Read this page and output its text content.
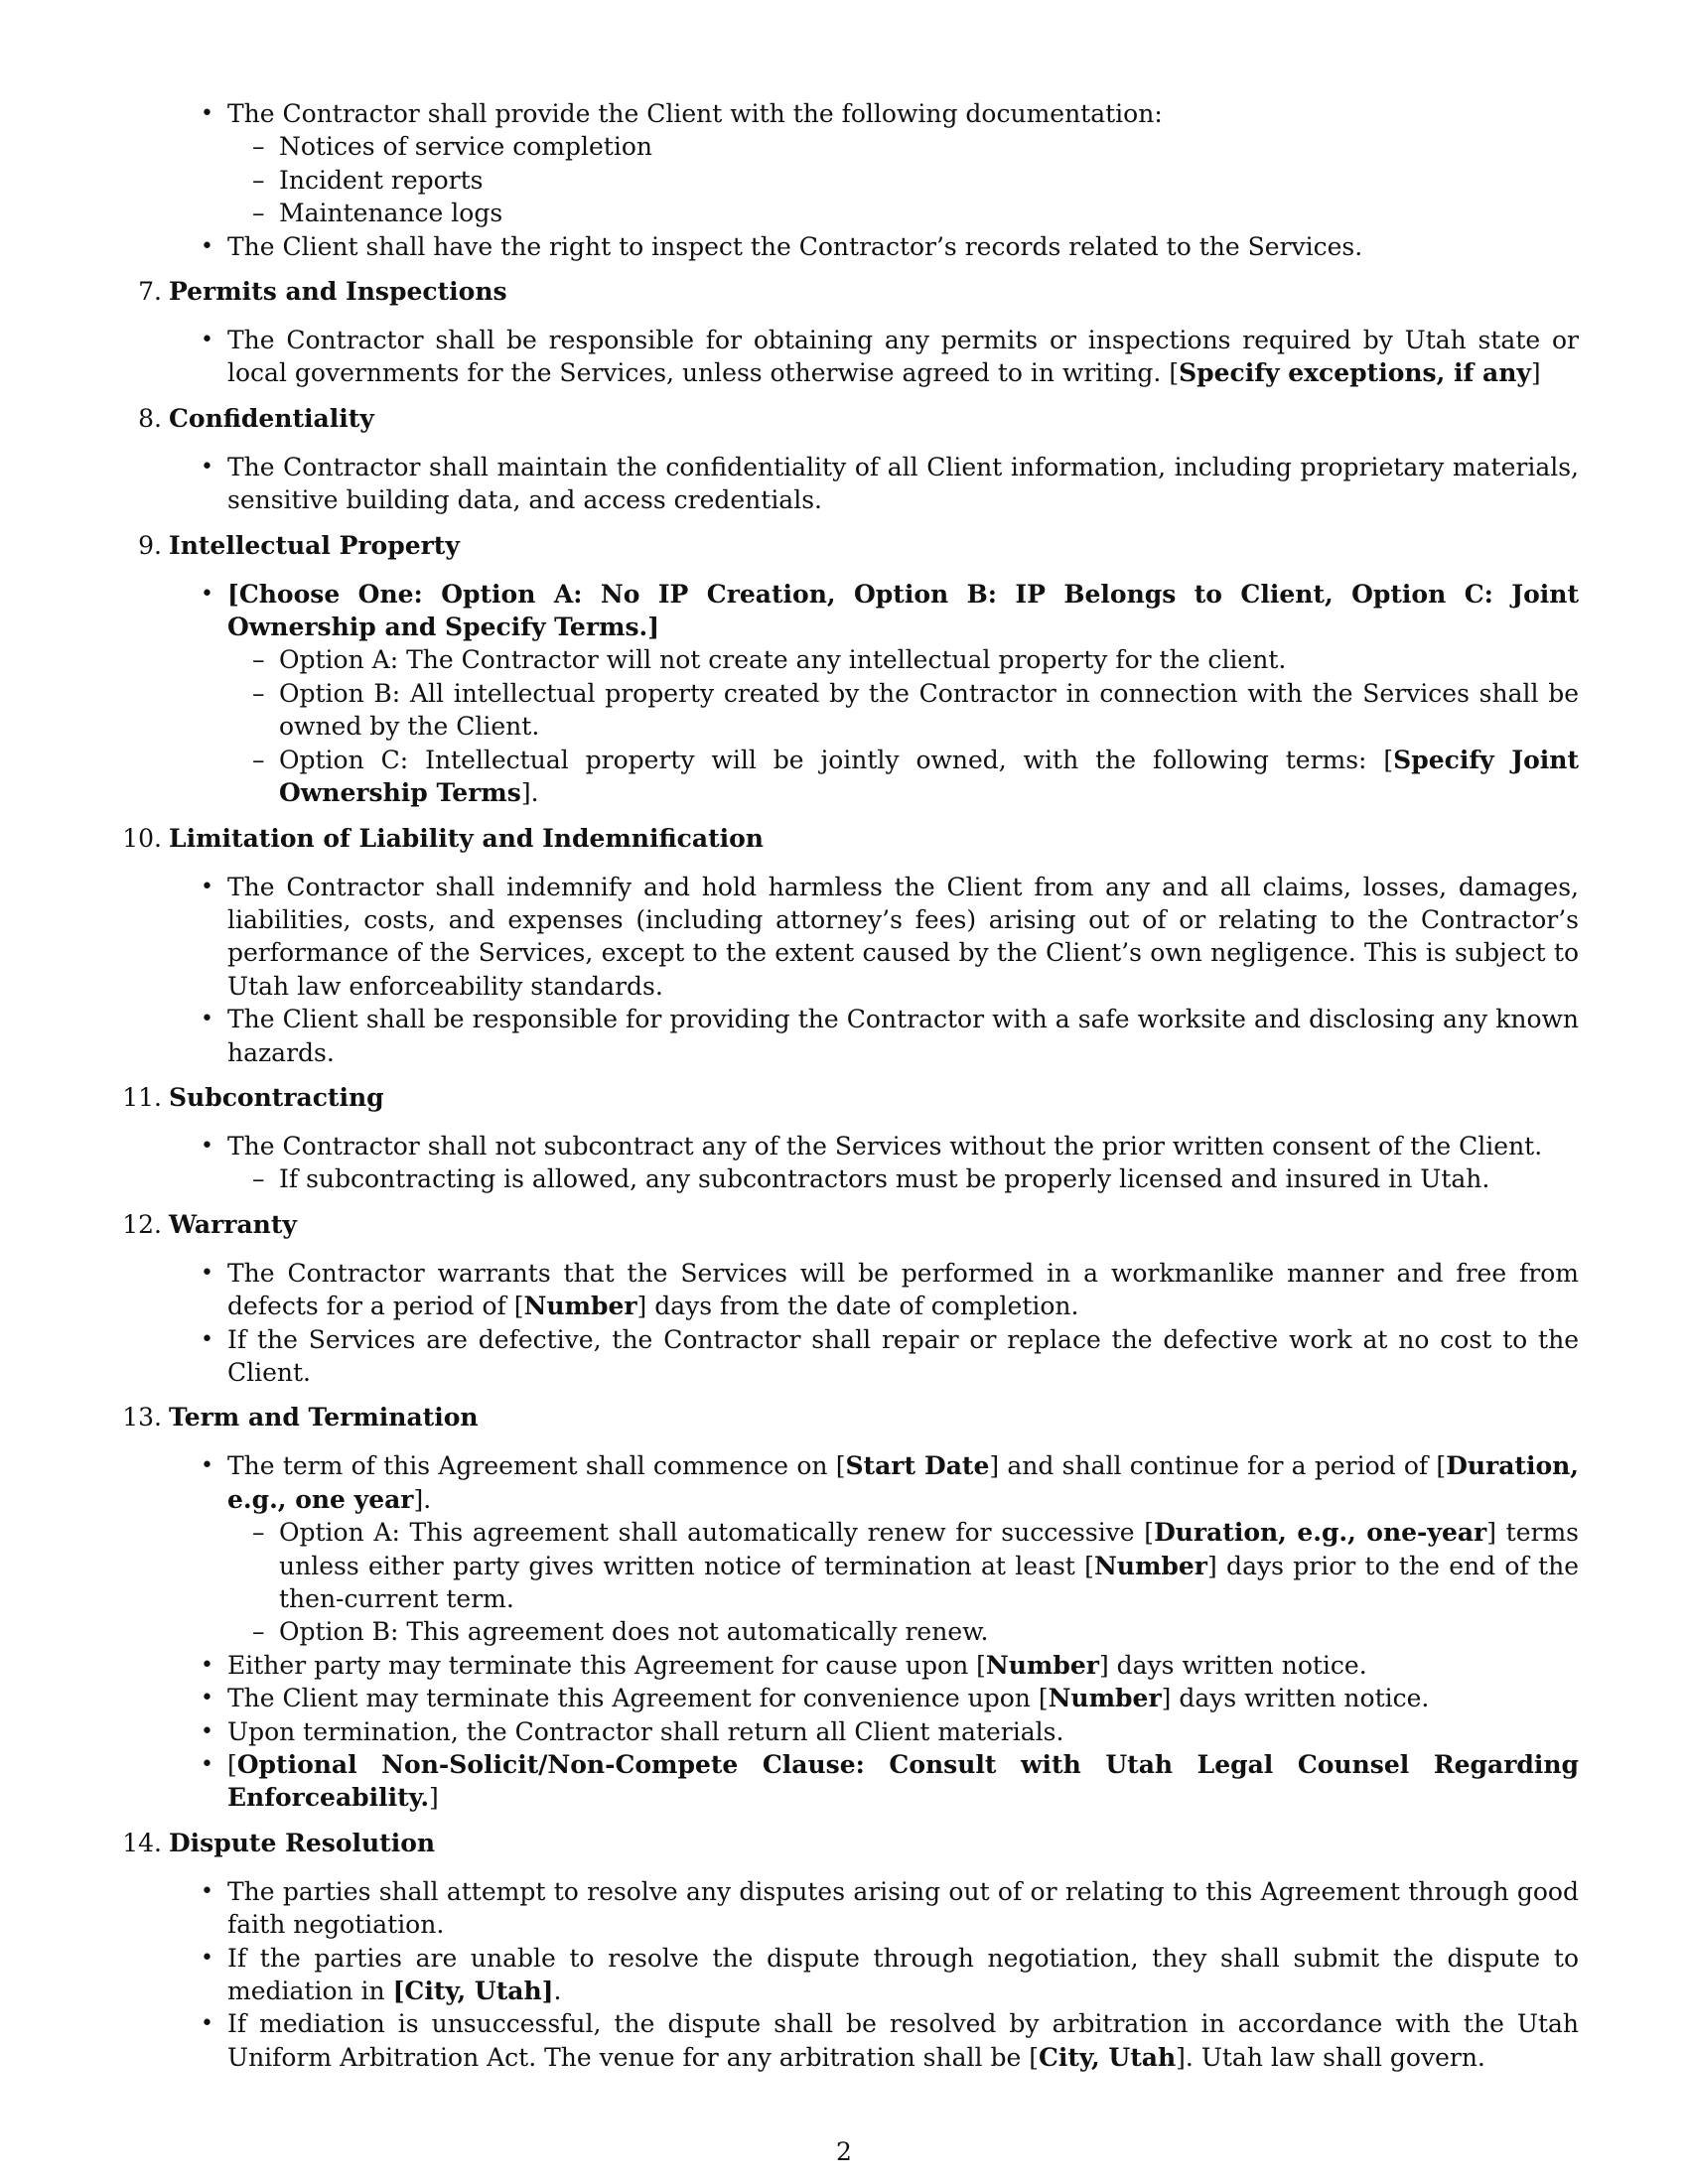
• The Contractor shall provide the Client with the following documentation:
– Notices of service completion
– Incident reports
– Maintenance logs
• The Client shall have the right to inspect the Contractor’s records related to the Services.
7. Permits and Inspections
• The Contractor shall be responsible for obtaining any permits or inspections required by Utah state or local governments for the Services, unless otherwise agreed to in writing. [Specify exceptions, if any]
8. Confidentiality
• The Contractor shall maintain the confidentiality of all Client information, including proprietary materials, sensitive building data, and access credentials.
9. Intellectual Property
• [Choose One: Option A: No IP Creation, Option B: IP Belongs to Client, Option C: Joint Ownership and Specify Terms.]
– Option A: The Contractor will not create any intellectual property for the client.
– Option B: All intellectual property created by the Contractor in connection with the Services shall be owned by the Client.
– Option C: Intellectual property will be jointly owned, with the following terms: [Specify Joint Ownership Terms].
10. Limitation of Liability and Indemnification
• The Contractor shall indemnify and hold harmless the Client from any and all claims, losses, damages, liabilities, costs, and expenses (including attorney’s fees) arising out of or relating to the Contractor’s performance of the Services, except to the extent caused by the Client’s own negligence. This is subject to Utah law enforceability standards.
• The Client shall be responsible for providing the Contractor with a safe worksite and disclosing any known hazards.
11. Subcontracting
• The Contractor shall not subcontract any of the Services without the prior written consent of the Client.
– If subcontracting is allowed, any subcontractors must be properly licensed and insured in Utah.
12. Warranty
• The Contractor warrants that the Services will be performed in a workmanlike manner and free from defects for a period of [Number] days from the date of completion.
• If the Services are defective, the Contractor shall repair or replace the defective work at no cost to the Client.
13. Term and Termination
• The term of this Agreement shall commence on [Start Date] and shall continue for a period of [Duration, e.g., one year].
– Option A: This agreement shall automatically renew for successive [Duration, e.g., one-year] terms unless either party gives written notice of termination at least [Number] days prior to the end of the then-current term.
– Option B: This agreement does not automatically renew.
• Either party may terminate this Agreement for cause upon [Number] days written notice.
• The Client may terminate this Agreement for convenience upon [Number] days written notice.
• Upon termination, the Contractor shall return all Client materials.
• [Optional Non-Solicit/Non-Compete Clause: Consult with Utah Legal Counsel Regarding Enforceability.]
14. Dispute Resolution
• The parties shall attempt to resolve any disputes arising out of or relating to this Agreement through good faith negotiation.
• If the parties are unable to resolve the dispute through negotiation, they shall submit the dispute to mediation in [City, Utah].
• If mediation is unsuccessful, the dispute shall be resolved by arbitration in accordance with the Utah Uniform Arbitration Act. The venue for any arbitration shall be [City, Utah]. Utah law shall govern.
2
